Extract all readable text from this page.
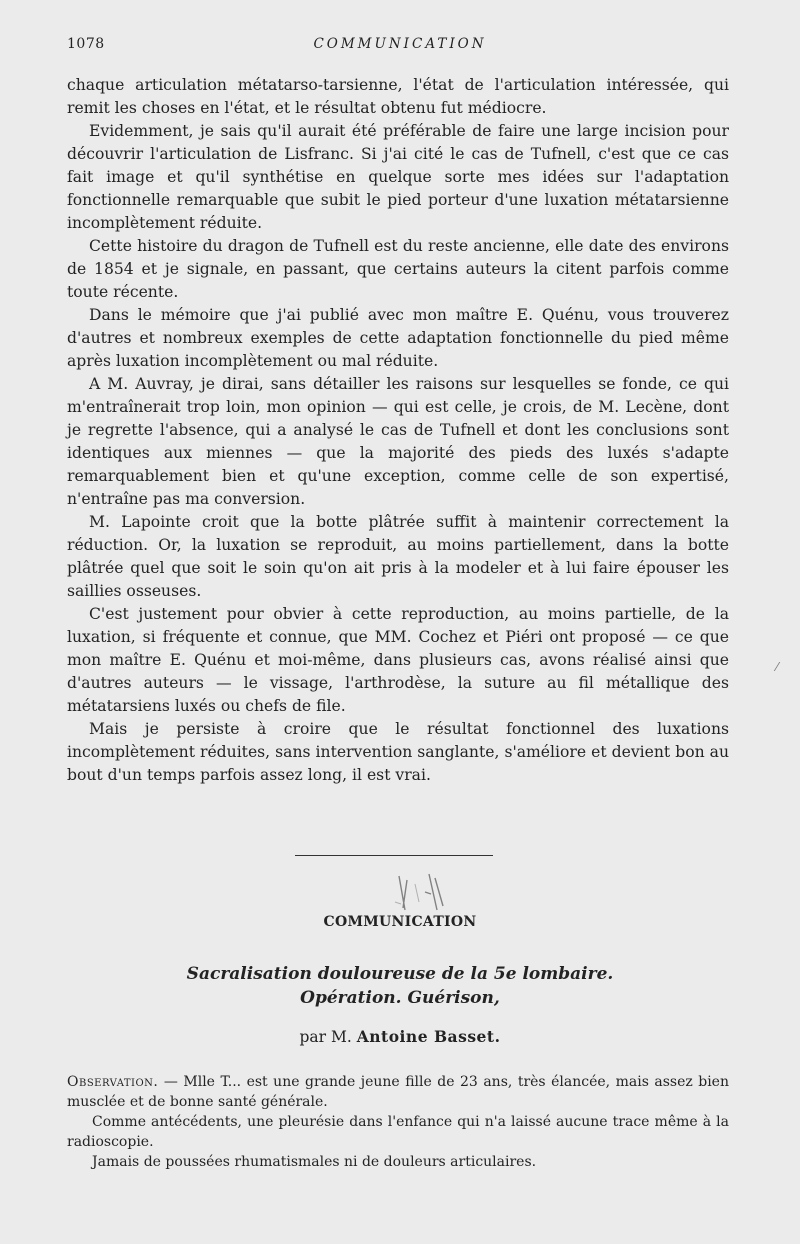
1078	COMMUNICATION

chaque articulation métatarso-tarsienne, l'état de l'articulation intéressée, qui remit les choses en l'état, et le résultat obtenu fut médiocre.

Evidemment, je sais qu'il aurait été préférable de faire une large incision pour découvrir l'articulation de Lisfranc. Si j'ai cité le cas de Tufnell, c'est que ce cas fait image et qu'il synthétise en quelque sorte mes idées sur l'adaptation fonctionnelle remarquable que subit le pied porteur d'une luxation métatarsienne incomplètement réduite.

Cette histoire du dragon de Tufnell est du reste ancienne, elle date des environs de 1854 et je signale, en passant, que certains auteurs la citent parfois comme toute récente.

Dans le mémoire que j'ai publié avec mon maître E. Quénu, vous trouverez d'autres et nombreux exemples de cette adaptation fonctionnelle du pied même après luxation incomplètement ou mal réduite.

A M. Auvray, je dirai, sans détailler les raisons sur lesquelles se fonde, ce qui m'entraînerait trop loin, mon opinion — qui est celle, je crois, de M. Lecène, dont je regrette l'absence, qui a analysé le cas de Tufnell et dont les conclusions sont identiques aux miennes — que la majorité des pieds des luxés s'adapte remarquablement bien et qu'une exception, comme celle de son expertisé, n'entraîne pas ma conversion.

M. Lapointe croit que la botte plâtrée suffit à maintenir correctement la réduction. Or, la luxation se reproduit, au moins partiellement, dans la botte plâtrée quel que soit le soin qu'on ait pris à la modeler et à lui faire épouser les saillies osseuses.

C'est justement pour obvier à cette reproduction, au moins partielle, de la luxation, si fréquente et connue, que MM. Cochez et Piéri ont proposé — ce que mon maître E. Quénu et moi-même, dans plusieurs cas, avons réalisé ainsi que d'autres auteurs — le vissage, l'arthrodèse, la suture au fil métallique des métatarsiens luxés ou chefs de file.

Mais je persiste à croire que le résultat fonctionnel des luxations incomplètement réduites, sans intervention sanglante, s'améliore et devient bon au bout d'un temps parfois assez long, il est vrai.

COMMUNICATION
Sacralisation douloureuse de la 5e lombaire.
Opération. Guérison,
par M. Antoine Basset.

Observation. — Mlle T... est une grande jeune fille de 23 ans, très élancée, mais assez bien musclée et de bonne santé générale.

Comme antécédents, une pleurésie dans l'enfance qui n'a laissé aucune trace même à la radioscopie.

Jamais de poussées rhumatismales ni de douleurs articulaires.

⁄
